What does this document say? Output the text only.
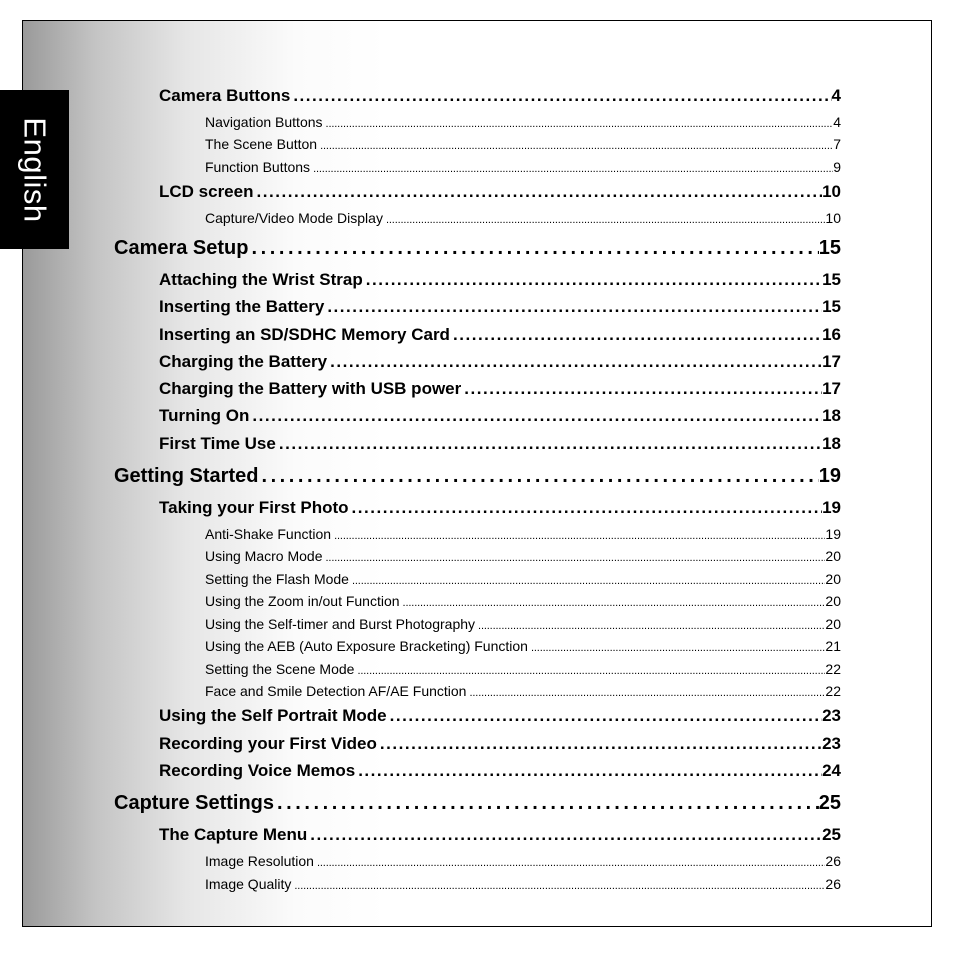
English
Camera Buttons . . .	4
Navigation Buttons . . .	4
The Scene Button . . .	7
Function Buttons . . .	9
LCD screen . . .	10
Capture/Video Mode Display . . .	10
Camera Setup . . .	15
Attaching the Wrist Strap . . .	15
Inserting the Battery . . .	15
Inserting an SD/SDHC Memory Card . . .	16
Charging the Battery . . .	17
Charging the Battery with USB power . . .	17
Turning On . . .	18
First Time Use . . .	18
Getting Started . . .	19
Taking your First Photo . . .	19
Anti-Shake Function . . .	19
Using Macro Mode . . .	20
Setting the Flash Mode . . .	20
Using the Zoom in/out Function . . .	20
Using the Self-timer and Burst Photography . . .	20
Using the AEB (Auto Exposure Bracketing) Function . . .	21
Setting the Scene Mode . . .	22
Face and Smile Detection AF/AE Function . . .	22
Using the Self Portrait Mode . . .	23
Recording your First Video . . .	23
Recording Voice Memos . . .	24
Capture Settings . . .	25
The Capture Menu . . .	25
Image Resolution . . .	26
Image Quality . . .	26
